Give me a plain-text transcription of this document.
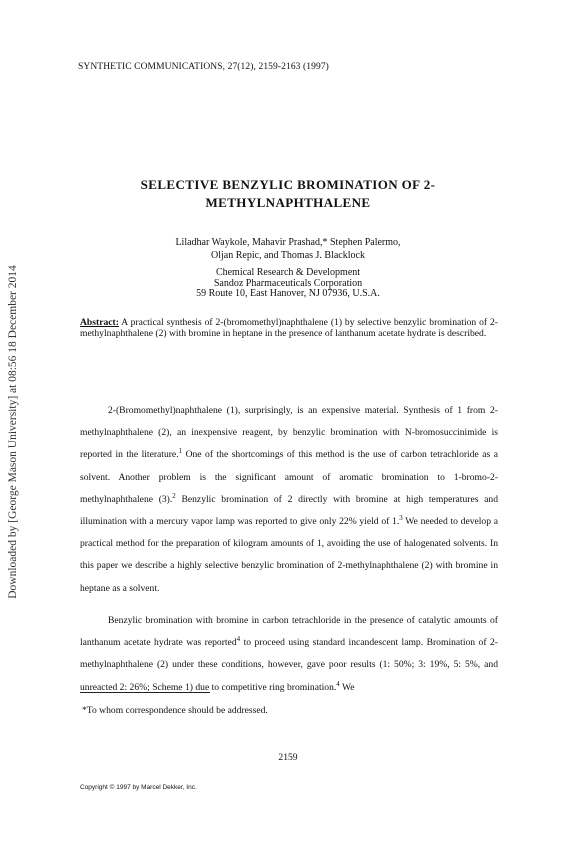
Downloaded by [George Mason University] at 08:56 18 December 2014
SYNTHETIC COMMUNICATIONS, 27(12), 2159-2163 (1997)
SELECTIVE BENZYLIC BROMINATION OF 2-
METHYLNAPHTHALENE
Liladhar Waykole, Mahavir Prashad,* Stephen Palermo,
Oljan Repic, and Thomas J. Blacklock
Chemical Research & Development
Sandoz Pharmaceuticals Corporation
59 Route 10, East Hanover, NJ 07936, U.S.A.
Abstract: A practical synthesis of 2-(bromomethyl)naphthalene (1) by selective benzylic bromination of 2-methylnaphthalene (2) with bromine in heptane in the presence of lanthanum acetate hydrate is described.

2-(Bromomethyl)naphthalene (1), surprisingly, is an expensive material. Synthesis of 1 from 2-methylnaphthalene (2), an inexpensive reagent, by benzylic bromination with N-bromosuccinimide is reported in the literature.$^1$ One of the shortcomings of this method is the use of carbon tetrachloride as a solvent. Another problem is the significant amount of aromatic bromination to 1-bromo-2-methylnaphthalene (3).$^2$ Benzylic bromination of 2 directly with bromine at high temperatures and illumination with a mercury vapor lamp was reported to give only 22% yield of 1.$^3$ We needed to develop a practical method for the preparation of kilogram amounts of 1, avoiding the use of halogenated solvents. In this paper we describe a highly selective benzylic bromination of 2-methylnaphthalene (2) with bromine in heptane as a solvent.

Benzylic bromination with bromine in carbon tetrachloride in the presence of catalytic amounts of lanthanum acetate hydrate was reported$^4$ to proceed using standard incandescent lamp. Bromination of 2-methylnaphthalene (2) under these conditions, however, gave poor results (1: 50%; 3: 19%, 5: 5%, and unreacted 2: 26%; Scheme 1) due to competitive ring bromination.$^4$ We

*To whom correspondence should be addressed.
2159
Copyright © 1997 by Marcel Dekker, Inc.
